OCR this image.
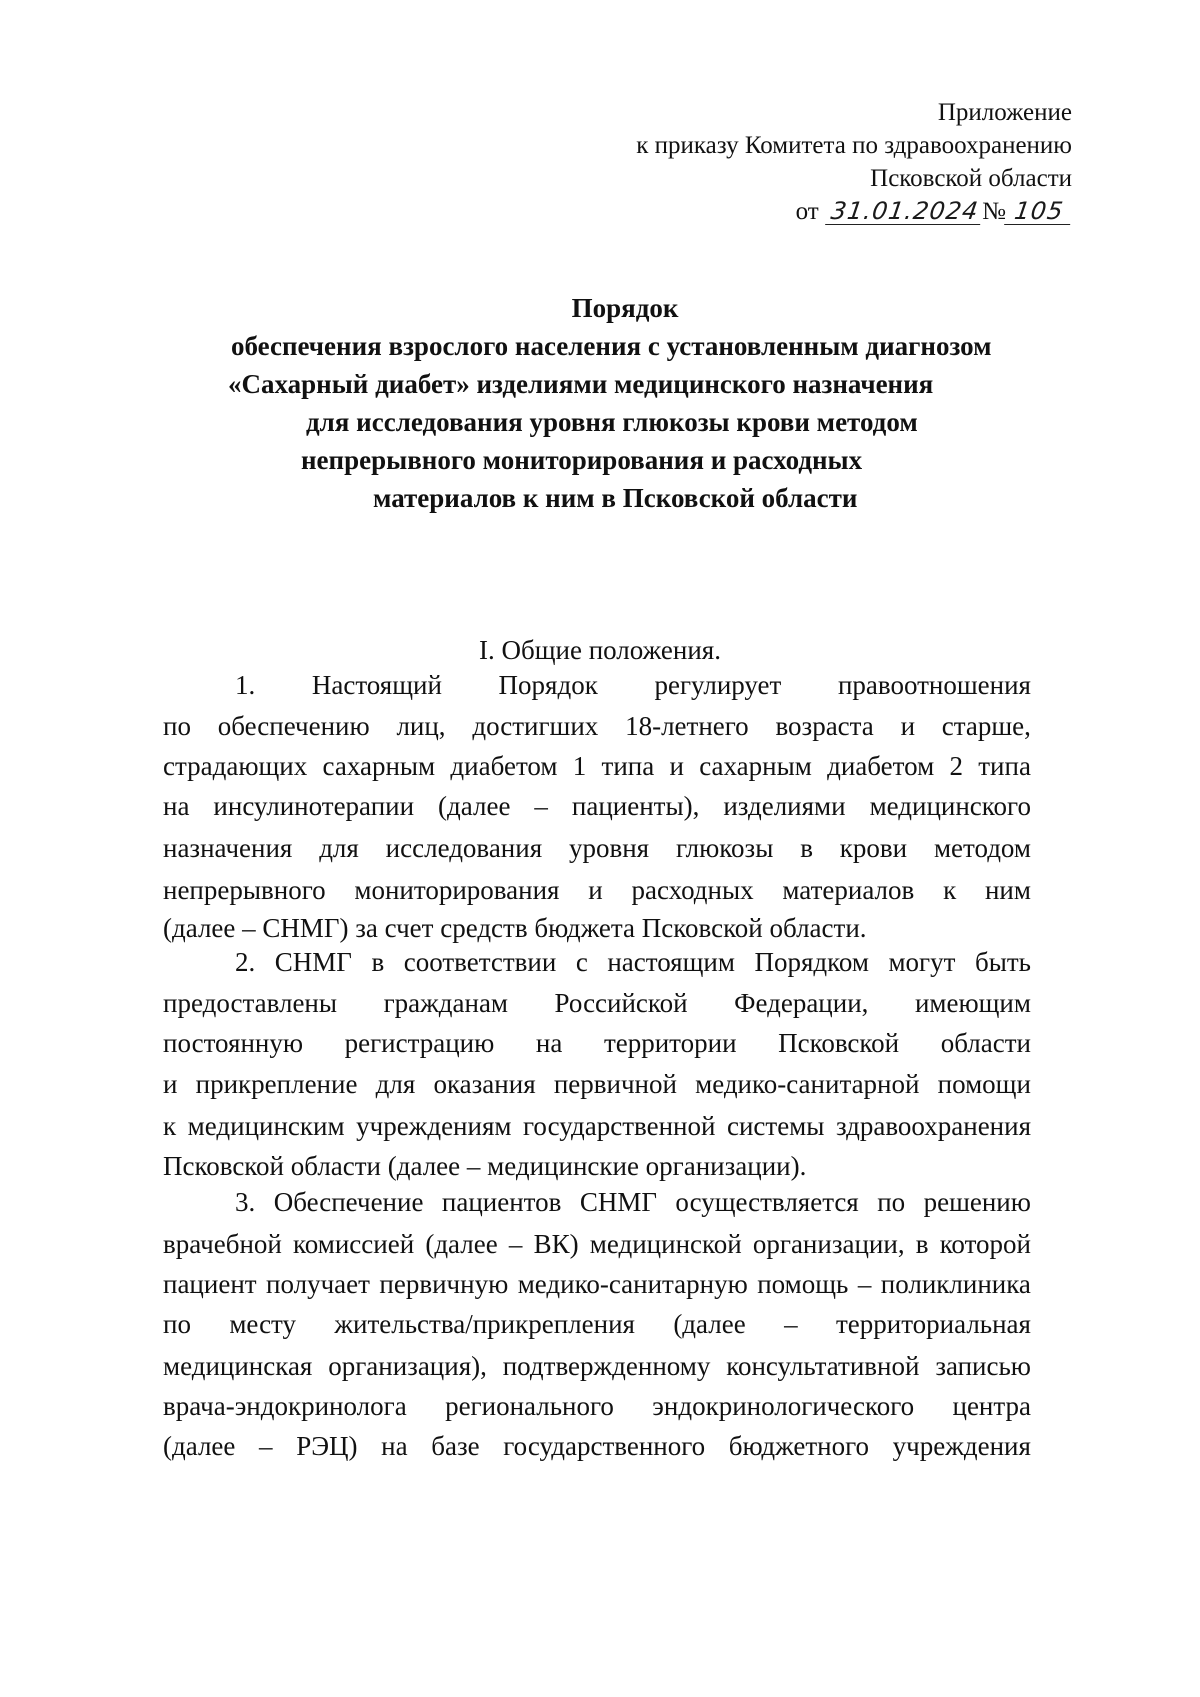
Приложение
к приказу Комитета по здравоохранению
Псковской области
от 31.01.2024 № 105
Порядок
обеспечения взрослого населения с установленным диагнозом
«Сахарный диабет» изделиями медицинского назначения
для исследования уровня глюкозы крови методом
непрерывного мониторирования и расходных
материалов к ним в Псковской области
I. Общие положения.
1. Настоящий Порядок регулирует правоотношения
по обеспечению лиц, достигших 18-летнего возраста и старше,
страдающих сахарным диабетом 1 типа и сахарным диабетом 2 типа
на инсулинотерапии (далее – пациенты), изделиями медицинского
назначения для исследования уровня глюкозы в крови методом
непрерывного мониторирования и расходных материалов к ним
(далее – СНМГ) за счет средств бюджета Псковской области.
2. СНМГ в соответствии с настоящим Порядком могут быть
предоставлены гражданам Российской Федерации, имеющим
постоянную регистрацию на территории Псковской области
и прикрепление для оказания первичной медико-санитарной помощи
к медицинским учреждениям государственной системы здравоохранения
Псковской области (далее – медицинские организации).
3. Обеспечение пациентов СНМГ осуществляется по решению
врачебной комиссией (далее – ВК) медицинской организации, в которой
пациент получает первичную медико-санитарную помощь – поликлиника
по месту жительства/прикрепления (далее – территориальная
медицинская организация), подтвержденному консультативной записью
врача-эндокринолога регионального эндокринологического центра
(далее – РЭЦ) на базе государственного бюджетного учреждения
